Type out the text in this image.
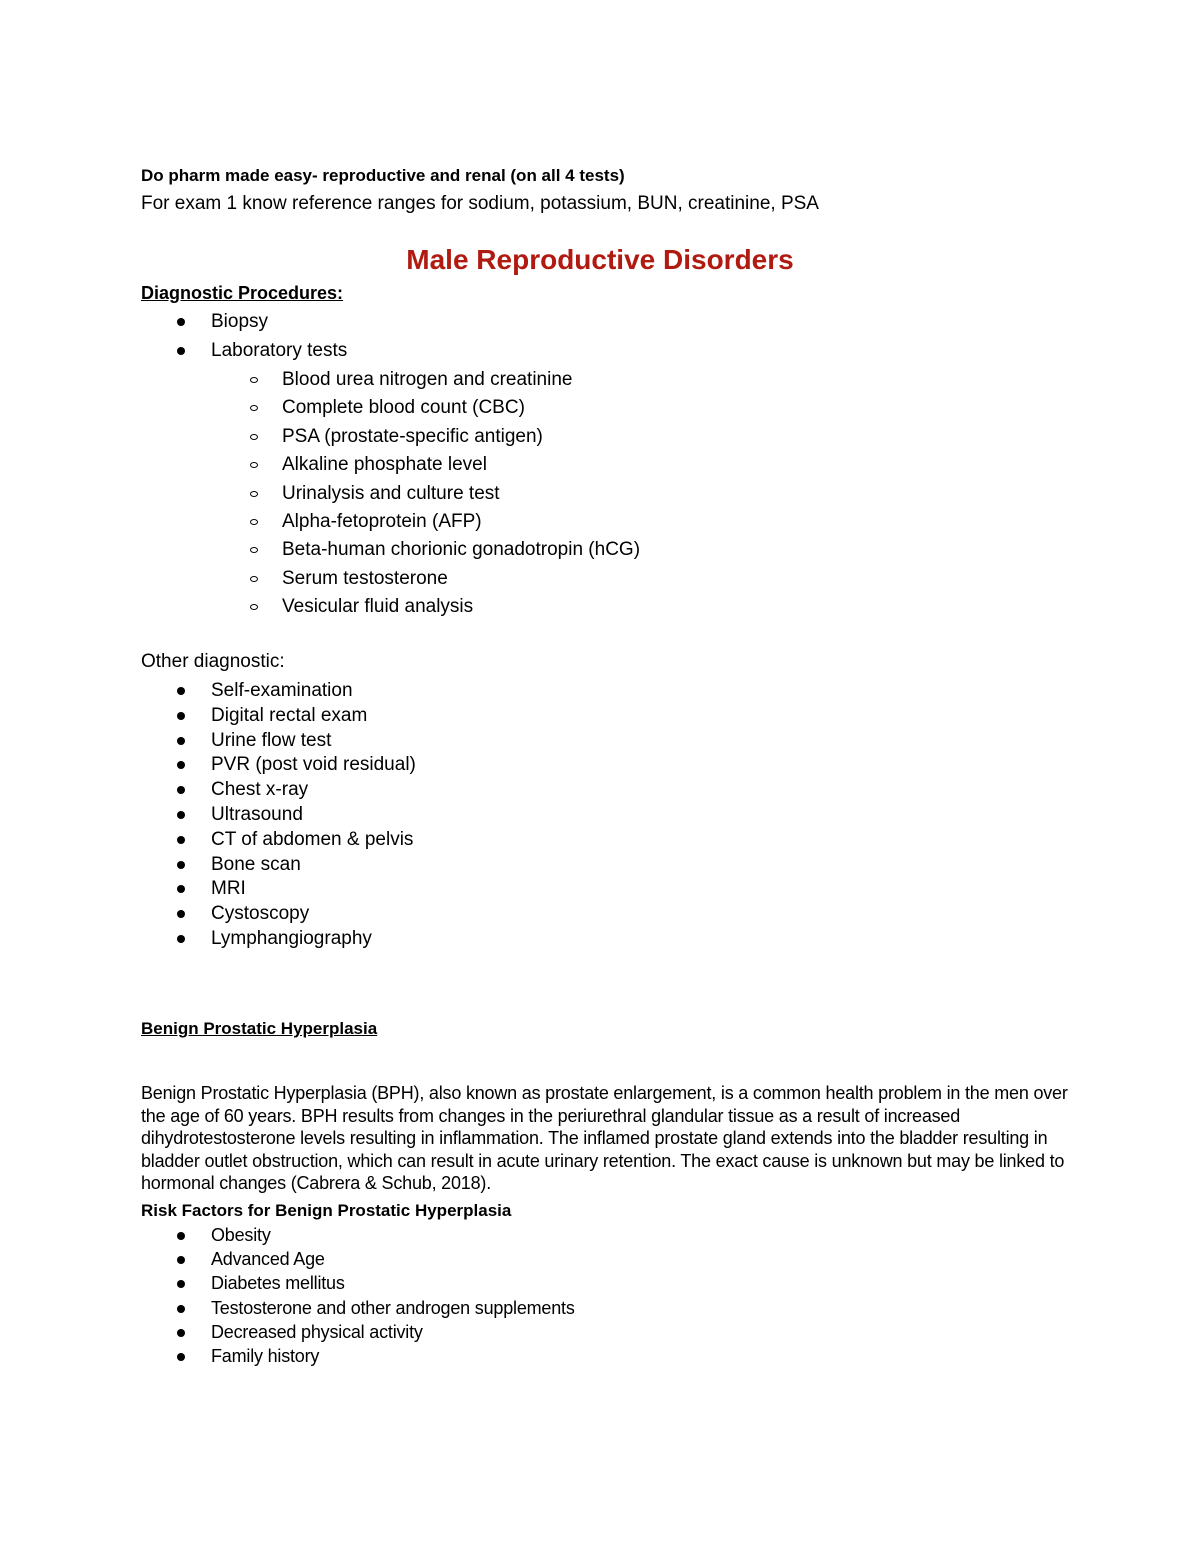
Do pharm made easy- reproductive and renal (on all 4 tests)
For exam 1 know reference ranges for sodium, potassium, BUN, creatinine, PSA
Male Reproductive Disorders
Diagnostic Procedures:
Biopsy
Laboratory tests
Blood urea nitrogen and creatinine
Complete blood count (CBC)
PSA (prostate-specific antigen)
Alkaline phosphate level
Urinalysis and culture test
Alpha-fetoprotein (AFP)
Beta-human chorionic gonadotropin (hCG)
Serum testosterone
Vesicular fluid analysis
Other diagnostic:
Self-examination
Digital rectal exam
Urine flow test
PVR (post void residual)
Chest x-ray
Ultrasound
CT of abdomen & pelvis
Bone scan
MRI
Cystoscopy
Lymphangiography
Benign Prostatic Hyperplasia

Benign Prostatic Hyperplasia (BPH), also known as prostate enlargement, is a common health problem in the men over the age of 60 years. BPH results from changes in the periurethral glandular tissue as a result of increased dihydrotestosterone levels resulting in inflammation. The inflamed prostate gland extends into the bladder resulting in bladder outlet obstruction, which can result in acute urinary retention. The exact cause is unknown but may be linked to hormonal changes (Cabrera & Schub, 2018).

Risk Factors for Benign Prostatic Hyperplasia
Obesity
Advanced Age
Diabetes mellitus
Testosterone and other androgen supplements
Decreased physical activity
Family history
